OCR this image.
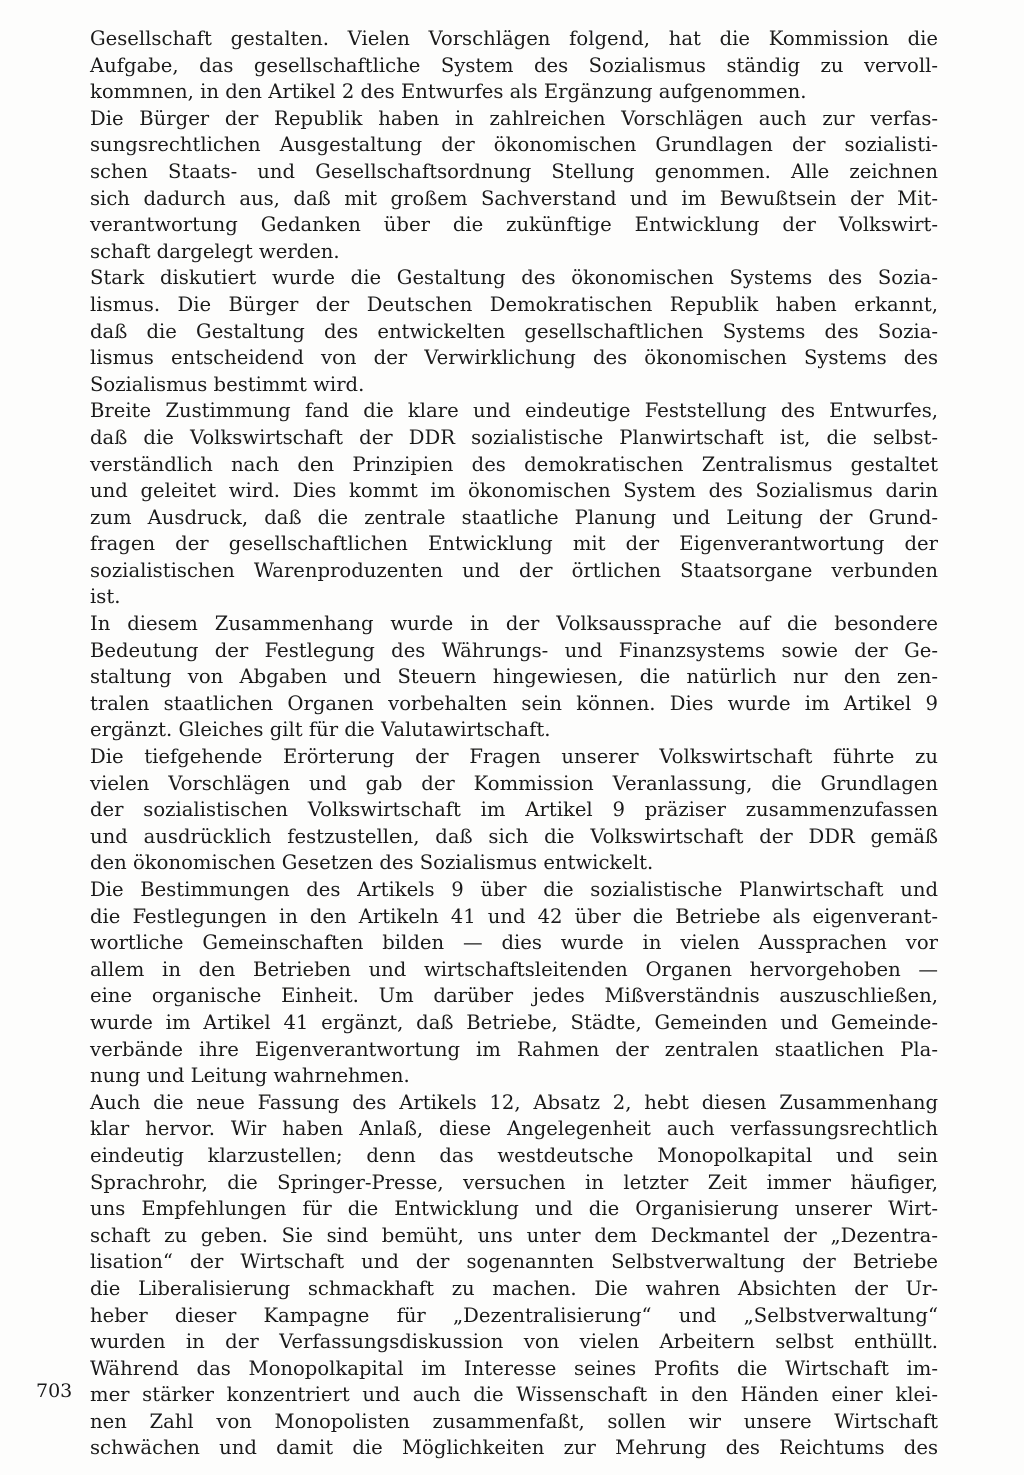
Gesellschaft gestalten. Vielen Vorschlägen folgend, hat die Kommission die
Aufgabe, das gesellschaftliche System des Sozialismus ständig zu vervoll-
kommnen, in den Artikel 2 des Entwurfes als Ergänzung aufgenommen.
Die Bürger der Republik haben in zahlreichen Vorschlägen auch zur verfas-
sungsrechtlichen Ausgestaltung der ökonomischen Grundlagen der sozialisti-
schen Staats- und Gesellschaftsordnung Stellung genommen. Alle zeichnen
sich dadurch aus, daß mit großem Sachverstand und im Bewußtsein der Mit-
verantwortung Gedanken über die zukünftige Entwicklung der Volkswirt-
schaft dargelegt werden.
Stark diskutiert wurde die Gestaltung des ökonomischen Systems des Sozia-
lismus. Die Bürger der Deutschen Demokratischen Republik haben erkannt,
daß die Gestaltung des entwickelten gesellschaftlichen Systems des Sozia-
lismus entscheidend von der Verwirklichung des ökonomischen Systems des
Sozialismus bestimmt wird.
Breite Zustimmung fand die klare und eindeutige Feststellung des Entwurfes,
daß die Volkswirtschaft der DDR sozialistische Planwirtschaft ist, die selbst-
verständlich nach den Prinzipien des demokratischen Zentralismus gestaltet
und geleitet wird. Dies kommt im ökonomischen System des Sozialismus darin
zum Ausdruck, daß die zentrale staatliche Planung und Leitung der Grund-
fragen der gesellschaftlichen Entwicklung mit der Eigenverantwortung der
sozialistischen Warenproduzenten und der örtlichen Staatsorgane verbunden
ist.
In diesem Zusammenhang wurde in der Volksaussprache auf die besondere
Bedeutung der Festlegung des Währungs- und Finanzsystems sowie der Ge-
staltung von Abgaben und Steuern hingewiesen, die natürlich nur den zen-
tralen staatlichen Organen vorbehalten sein können. Dies wurde im Artikel 9
ergänzt. Gleiches gilt für die Valutawirtschaft.
Die tiefgehende Erörterung der Fragen unserer Volkswirtschaft führte zu
vielen Vorschlägen und gab der Kommission Veranlassung, die Grundlagen
der sozialistischen Volkswirtschaft im Artikel 9 präziser zusammenzufassen
und ausdrücklich festzustellen, daß sich die Volkswirtschaft der DDR gemäß
den ökonomischen Gesetzen des Sozialismus entwickelt.
Die Bestimmungen des Artikels 9 über die sozialistische Planwirtschaft und
die Festlegungen in den Artikeln 41 und 42 über die Betriebe als eigenverant-
wortliche Gemeinschaften bilden — dies wurde in vielen Aussprachen vor
allem in den Betrieben und wirtschaftsleitenden Organen hervorgehoben —
eine organische Einheit. Um darüber jedes Mißverständnis auszuschließen,
wurde im Artikel 41 ergänzt, daß Betriebe, Städte, Gemeinden und Gemeinde-
verbände ihre Eigenverantwortung im Rahmen der zentralen staatlichen Pla-
nung und Leitung wahrnehmen.
Auch die neue Fassung des Artikels 12, Absatz 2, hebt diesen Zusammenhang
klar hervor. Wir haben Anlaß, diese Angelegenheit auch verfassungsrechtlich
eindeutig klarzustellen; denn das westdeutsche Monopolkapital und sein
Sprachrohr, die Springer-Presse, versuchen in letzter Zeit immer häufiger,
uns Empfehlungen für die Entwicklung und die Organisierung unserer Wirt-
schaft zu geben. Sie sind bemüht, uns unter dem Deckmantel der „Dezentra-
lisation“ der Wirtschaft und der sogenannten Selbstverwaltung der Betriebe
die Liberalisierung schmackhaft zu machen. Die wahren Absichten der Ur-
heber dieser Kampagne für „Dezentralisierung“ und „Selbstverwaltung“
wurden in der Verfassungsdiskussion von vielen Arbeitern selbst enthüllt.
Während das Monopolkapital im Interesse seines Profits die Wirtschaft im-
mer stärker konzentriert und auch die Wissenschaft in den Händen einer klei-
nen Zahl von Monopolisten zusammenfaßt, sollen wir unsere Wirtschaft
schwächen und damit die Möglichkeiten zur Mehrung des Reichtums des
703
